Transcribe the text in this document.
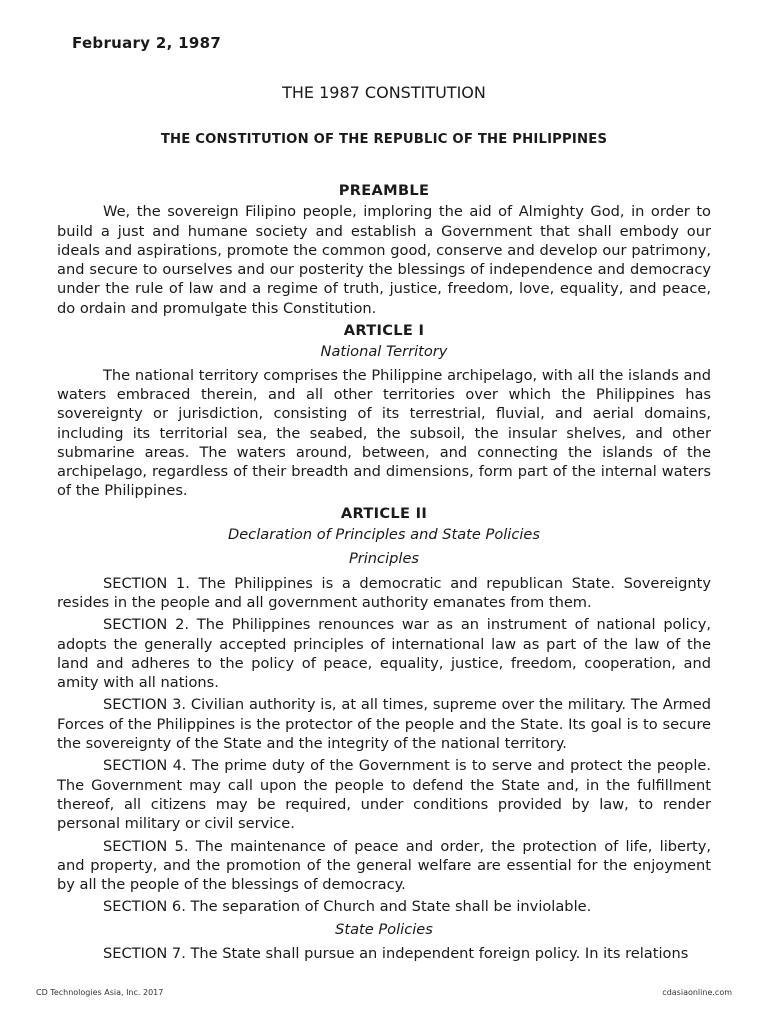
February 2, 1987
THE 1987 CONSTITUTION
THE CONSTITUTION OF THE REPUBLIC OF THE PHILIPPINES
PREAMBLE

We, the sovereign Filipino people, imploring the aid of Almighty God, in order to build a just and humane society and establish a Government that shall embody our ideals and aspirations, promote the common good, conserve and develop our patrimony, and secure to ourselves and our posterity the blessings of independence and democracy under the rule of law and a regime of truth, justice, freedom, love, equality, and peace, do ordain and promulgate this Constitution.

ARTICLE I
National Territory

The national territory comprises the Philippine archipelago, with all the islands and waters embraced therein, and all other territories over which the Philippines has sovereignty or jurisdiction, consisting of its terrestrial, fluvial, and aerial domains, including its territorial sea, the seabed, the subsoil, the insular shelves, and other submarine areas. The waters around, between, and connecting the islands of the archipelago, regardless of their breadth and dimensions, form part of the internal waters of the Philippines.

ARTICLE II
Declaration of Principles and State Policies
Principles

SECTION 1. The Philippines is a democratic and republican State. Sovereignty resides in the people and all government authority emanates from them.

SECTION 2. The Philippines renounces war as an instrument of national policy, adopts the generally accepted principles of international law as part of the law of the land and adheres to the policy of peace, equality, justice, freedom, cooperation, and amity with all nations.

SECTION 3. Civilian authority is, at all times, supreme over the military. The Armed Forces of the Philippines is the protector of the people and the State. Its goal is to secure the sovereignty of the State and the integrity of the national territory.

SECTION 4. The prime duty of the Government is to serve and protect the people. The Government may call upon the people to defend the State and, in the fulfillment thereof, all citizens may be required, under conditions provided by law, to render personal military or civil service.

SECTION 5. The maintenance of peace and order, the protection of life, liberty, and property, and the promotion of the general welfare are essential for the enjoyment by all the people of the blessings of democracy.

SECTION 6. The separation of Church and State shall be inviolable.

State Policies

SECTION 7. The State shall pursue an independent foreign policy. In its relations

CD Technologies Asia, Inc. 2017	cdasiaonline.com
